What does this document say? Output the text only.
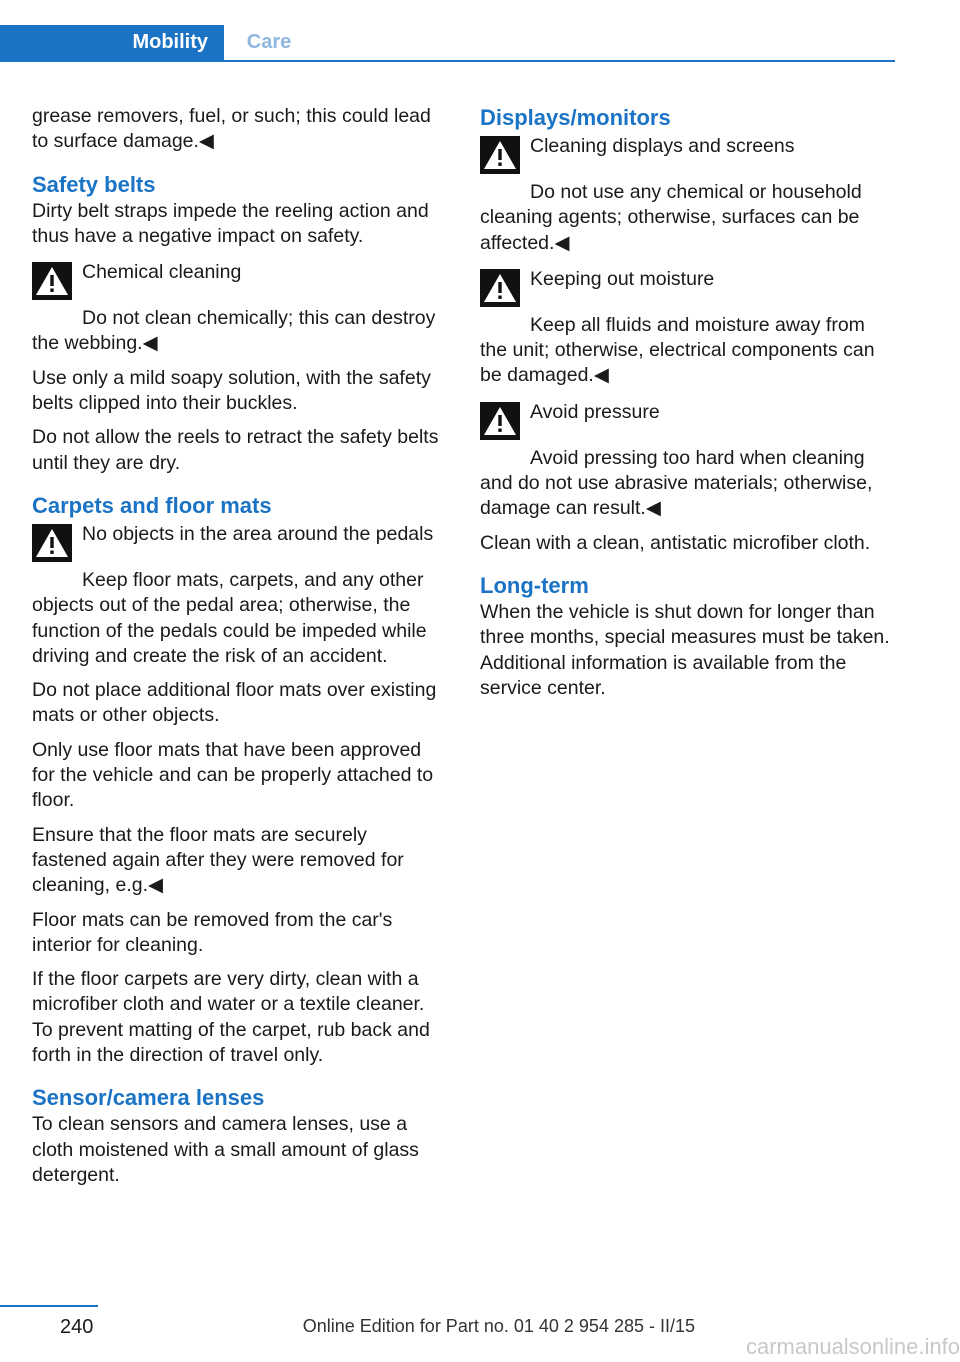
Mobility	Care

grease removers, fuel, or such; this could lead to surface damage.◀

Safety belts

Dirty belt straps impede the reeling action and thus have a negative impact on safety.

Chemical cleaning
Do not clean chemically; this can destroy the webbing.◀

Use only a mild soapy solution, with the safety belts clipped into their buckles.

Do not allow the reels to retract the safety belts until they are dry.

Carpets and floor mats
No objects in the area around the pedals
Keep floor mats, carpets, and any other objects out of the pedal area; otherwise, the function of the pedals could be impeded while driving and create the risk of an accident.

Do not place additional floor mats over existing mats or other objects.

Only use floor mats that have been approved for the vehicle and can be properly attached to floor.

Ensure that the floor mats are securely fastened again after they were removed for cleaning, e.g.◀

Floor mats can be removed from the car's interior for cleaning.

If the floor carpets are very dirty, clean with a microfiber cloth and water or a textile cleaner. To prevent matting of the carpet, rub back and forth in the direction of travel only.

Sensor/camera lenses

To clean sensors and camera lenses, use a cloth moistened with a small amount of glass detergent.

Displays/monitors
Cleaning displays and screens
Do not use any chemical or household cleaning agents; otherwise, surfaces can be affected.◀
Keeping out moisture
Keep all fluids and moisture away from the unit; otherwise, electrical components can be damaged.◀
Avoid pressure
Avoid pressing too hard when cleaning and do not use abrasive materials; otherwise, damage can result.◀

Clean with a clean, antistatic microfiber cloth.

Long-term

When the vehicle is shut down for longer than three months, special measures must be taken. Additional information is available from the service center.

240	Online Edition for Part no. 01 40 2 954 285 - II/15
carmanualsonline.info
